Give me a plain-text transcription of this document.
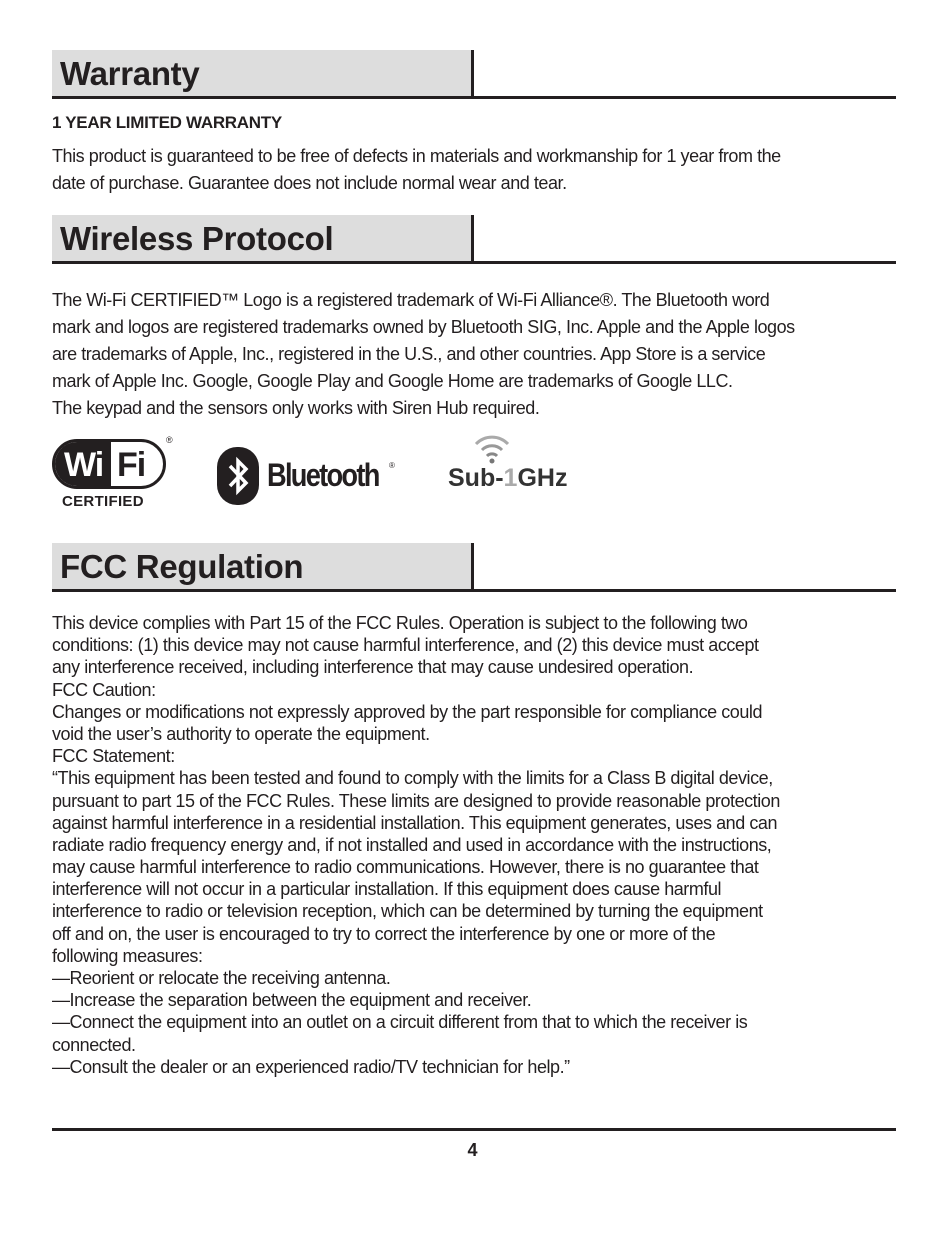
Warranty
1 YEAR LIMITED WARRANTY
This product is guaranteed to be free of defects in materials and workmanship for 1 year from the
date of purchase. Guarantee does not include normal wear and tear.
Wireless Protocol
The Wi-Fi CERTIFIED™ Logo is a registered trademark of Wi-Fi Alliance®. The Bluetooth word
mark and logos are registered trademarks owned by Bluetooth SIG, Inc. Apple and the Apple logos
are trademarks of Apple, Inc., registered in the U.S., and other countries. App Store is a service
mark of Apple Inc. Google, Google Play and Google Home are trademarks of Google LLC.
The keypad and the sensors only works with Siren Hub required.
Wi Fi
®
CERTIFIED
Bluetooth ® Sub-1GHz
FCC Regulation
This device complies with Part 15 of the FCC Rules. Operation is subject to the following two
conditions: (1) this device may not cause harmful interference, and (2) this device must accept
any interference received, including interference that may cause undesired operation.
FCC Caution:
Changes or modifications not expressly approved by the part responsible for compliance could
void the user’s authority to operate the equipment.
FCC Statement:
“This equipment has been tested and found to comply with the limits for a Class B digital device,
pursuant to part 15 of the FCC Rules. These limits are designed to provide reasonable protection
against harmful interference in a residential installation. This equipment generates, uses and can
radiate radio frequency energy and, if not installed and used in accordance with the instructions,
may cause harmful interference to radio communications. However, there is no guarantee that
interference will not occur in a particular installation. If this equipment does cause harmful
interference to radio or television reception, which can be determined by turning the equipment
off and on, the user is encouraged to try to correct the interference by one or more of the
following measures:
—Reorient or relocate the receiving antenna.
—Increase the separation between the equipment and receiver.
—Connect the equipment into an outlet on a circuit different from that to which the receiver is
connected.
—Consult the dealer or an experienced radio/TV technician for help.”
4
